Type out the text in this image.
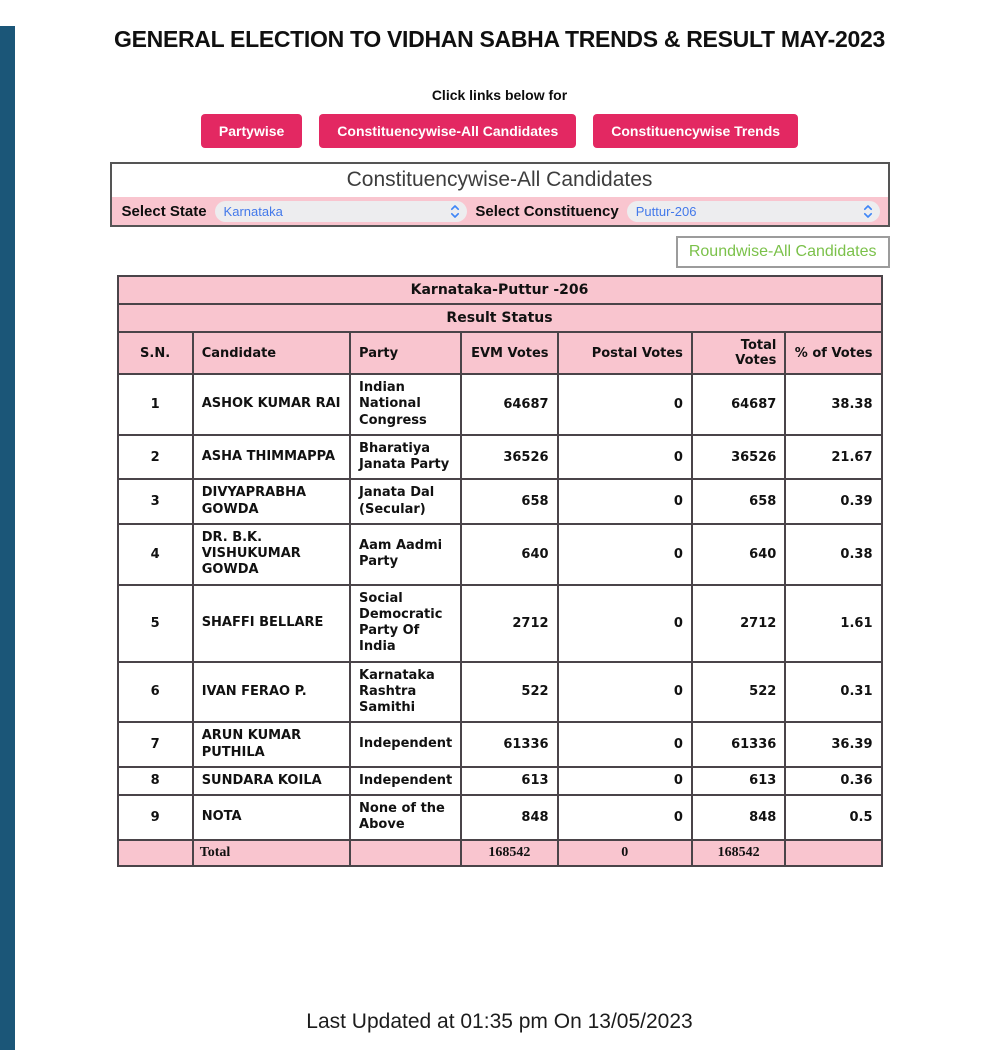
GENERAL ELECTION TO VIDHAN SABHA TRENDS & RESULT MAY-2023
Click links below for
Partywise	Constituencywise-All Candidates	Constituencywise Trends
Constituencywise-All Candidates
Select State Karnataka	Select Constituency Puttur-206
Roundwise-All Candidates
Karnataka-Puttur -206						
Result Status						
S.N.	Candidate	Party	EVM Votes	Postal Votes	Total Votes	% of Votes
1	ASHOK KUMAR RAI	Indian National Congress	64687	0	64687	38.38
2	ASHA THIMMAPPA	Bharatiya Janata Party	36526	0	36526	21.67
3	DIVYAPRABHA GOWDA	Janata Dal (Secular)	658	0	658	0.39
4	DR. B.K. VISHUKUMAR GOWDA	Aam Aadmi Party	640	0	640	0.38
5	SHAFFI BELLARE	Social Democratic Party Of India	2712	0	2712	1.61
6	IVAN FERAO P.	Karnataka Rashtra Samithi	522	0	522	0.31
7	ARUN KUMAR PUTHILA	Independent	61336	0	61336	36.39
8	SUNDARA KOILA	Independent	613	0	613	0.36
9	NOTA	None of the Above	848	0	848	0.5
	Total		168542	0	168542	
Last Updated at 01:35 pm On 13/05/2023
